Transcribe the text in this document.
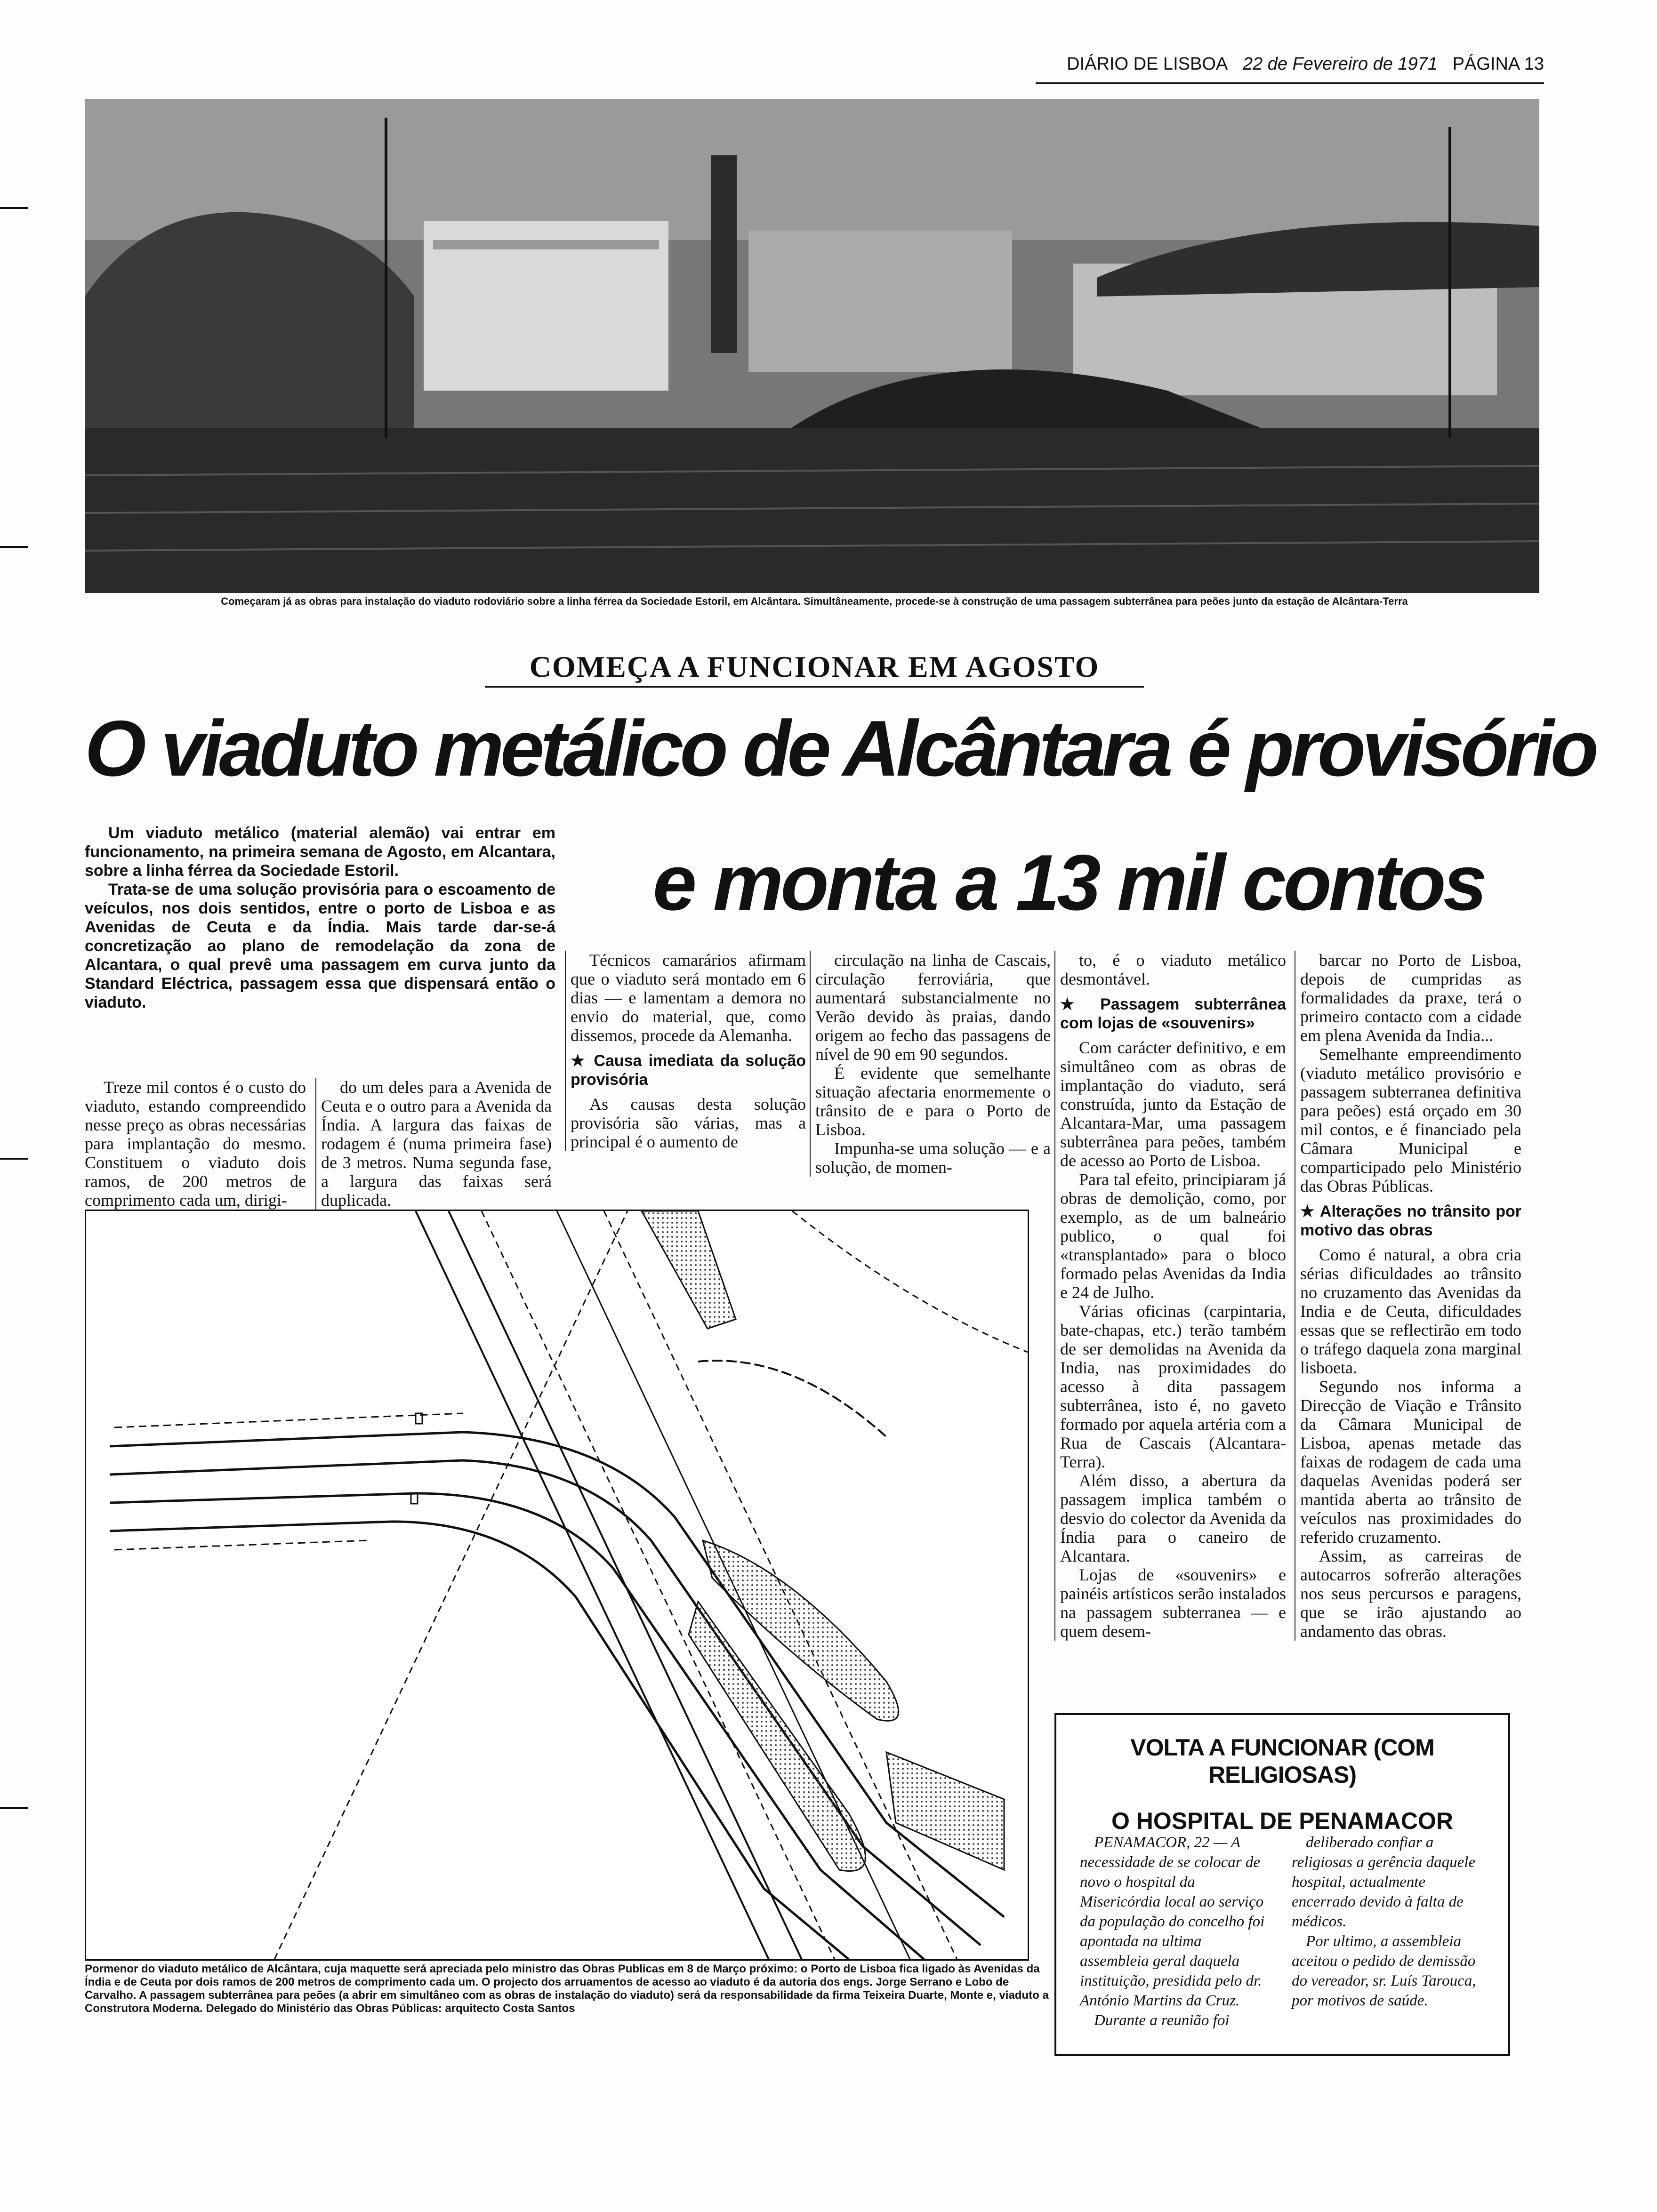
DIÁRIO DE LISBOA 22 de Fevereiro de 1971 PÁGINA 13
Começaram já as obras para instalação do viaduto rodoviário sobre a linha férrea da Sociedade Estoril, em Alcântara. Simultâneamente, procede-se à construção de uma passagem subterrânea para peões junto da estação de Alcântara-Terra
COMEÇA A FUNCIONAR EM AGOSTO
O viaduto metálico de Alcântara é provisório
e monta a 13 mil contos

Um viaduto metálico (material alemão) vai entrar em funcionamento, na primeira semana de Agosto, em Alcantara, sobre a linha férrea da Sociedade Estoril.

Trata-se de uma solução provisória para o escoamento de veículos, nos dois sentidos, entre o porto de Lisboa e as Avenidas de Ceuta e da Índia. Mais tarde dar-se-á concretização ao plano de remodelação da zona de Alcantara, o qual prevê uma passagem em curva junto da Standard Eléctrica, passagem essa que dispensará então o viaduto.

Treze mil contos é o custo do viaduto, estando compreendido nesse preço as obras necessárias para implantação do mesmo. Constituem o viaduto dois ramos, de 200 metros de comprimento cada um, dirigi-

do um deles para a Avenida de Ceuta e o outro para a Avenida da Índia. A largura das faixas de rodagem é (numa primeira fase) de 3 metros. Numa segunda fase, a largura das faixas será duplicada.

Técnicos camarários afirmam que o viaduto será montado em 6 dias — e lamentam a demora no envio do material, que, como dissemos, procede da Alemanha.

★ Causa imediata da solução provisória

As causas desta solução provisória são várias, mas a principal é o aumento de

circulação na linha de Cascais, circulação ferroviária, que aumentará substancialmente no Verão devido às praias, dando origem ao fecho das passagens de nível de 90 em 90 segundos.

É evidente que semelhante situação afectaria enormemente o trânsito de e para o Porto de Lisboa.

Impunha-se uma solução — e a solução, de momen-

to, é o viaduto metálico desmontável.

★ Passagem subterrânea com lojas de «souvenirs»

Com carácter definitivo, e em simultâneo com as obras de implantação do viaduto, será construída, junto da Estação de Alcantara-Mar, uma passagem subterrânea para peões, também de acesso ao Porto de Lisboa.

Para tal efeito, principiaram já obras de demolição, como, por exemplo, as de um balneário publico, o qual foi «transplantado» para o bloco formado pelas Avenidas da India e 24 de Julho.

Várias oficinas (carpintaria, bate-chapas, etc.) terão também de ser demolidas na Avenida da India, nas proximidades do acesso à dita passagem subterrânea, isto é, no gaveto formado por aquela artéria com a Rua de Cascais (Alcantara-Terra).

Além disso, a abertura da passagem implica também o desvio do colector da Avenida da Índia para o caneiro de Alcantara.

Lojas de «souvenirs» e painéis artísticos serão instalados na passagem subterranea — e quem desem-

barcar no Porto de Lisboa, depois de cumpridas as formalidades da praxe, terá o primeiro contacto com a cidade em plena Avenida da India...

Semelhante empreendimento (viaduto metálico provisório e passagem subterranea definitiva para peões) está orçado em 30 mil contos, e é financiado pela Câmara Municipal e comparticipado pelo Ministério das Obras Públicas.

★ Alterações no trânsito por motivo das obras

Como é natural, a obra cria sérias dificuldades ao trânsito no cruzamento das Avenidas da India e de Ceuta, dificuldades essas que se reflectirão em todo o tráfego daquela zona marginal lisboeta.

Segundo nos informa a Direcção de Viação e Trânsito da Câmara Municipal de Lisboa, apenas metade das faixas de rodagem de cada uma daquelas Avenidas poderá ser mantida aberta ao trânsito de veículos nas proximidades do referido cruzamento.

Assim, as carreiras de autocarros sofrerão alterações nos seus percursos e paragens, que se irão ajustando ao andamento das obras.

Pormenor do viaduto metálico de Alcântara, cuja maquette será apreciada pelo ministro das Obras Publicas em 8 de Março próximo: o Porto de Lisboa fica ligado às Avenidas da Índia e de Ceuta por dois ramos de 200 metros de comprimento cada um. O projecto dos arruamentos de acesso ao viaduto é da autoria dos engs. Jorge Serrano e Lobo de Carvalho. A passagem subterrânea para peões (a abrir em simultâneo com as obras de instalação do viaduto) será da responsabilidade da firma Teixeira Duarte, Monte e, viaduto a Construtora Moderna. Delegado do Ministério das Obras Públicas: arquitecto Costa Santos
VOLTA A FUNCIONAR (COM RELIGIOSAS)
O HOSPITAL DE PENAMACOR

PENAMACOR, 22 — A necessidade de se colocar de novo o hospital da Misericórdia local ao serviço da população do concelho foi apontada na ultima assembleia geral daquela instituição, presidida pelo dr. António Martins da Cruz.

Durante a reunião foi

deliberado confiar a religiosas a gerência daquele hospital, actualmente encerrado devido à falta de médicos.

Por ultimo, a assembleia aceitou o pedido de demissão do vereador, sr. Luís Tarouca, por motivos de saúde.
